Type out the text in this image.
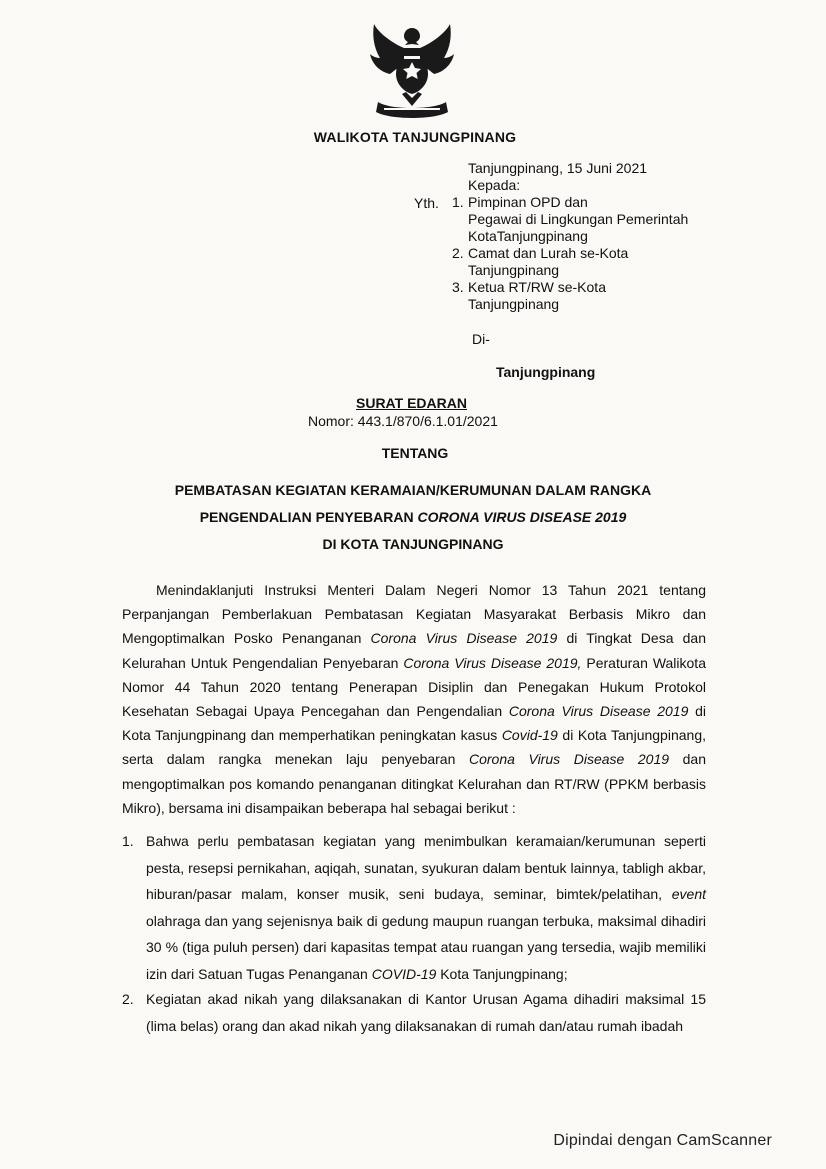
WALIKOTA TANJUNGPINANG
Tanjungpinang, 15 Juni 2021
Kepada:
1. Pimpinan OPD dan
Pegawai di Lingkungan Pemerintah
KotaTanjungpinang
2. Camat dan Lurah se-Kota
Tanjungpinang
3. Ketua RT/RW se-Kota
Tanjungpinang
Yth.
Di-
Tanjungpinang
SURAT EDARAN
Nomor: 443.1/870/6.1.01/2021
TENTANG
PEMBATASAN KEGIATAN KERAMAIAN/KERUMUNAN DALAM RANGKA
PENGENDALIAN PENYEBARAN CORONA VIRUS DISEASE 2019
DI KOTA TANJUNGPINANG

Menindaklanjuti Instruksi Menteri Dalam Negeri Nomor 13 Tahun 2021 tentang Perpanjangan Pemberlakuan Pembatasan Kegiatan Masyarakat Berbasis Mikro dan Mengoptimalkan Posko Penanganan Corona Virus Disease 2019 di Tingkat Desa dan Kelurahan Untuk Pengendalian Penyebaran Corona Virus Disease 2019, Peraturan Walikota Nomor 44 Tahun 2020 tentang Penerapan Disiplin dan Penegakan Hukum Protokol Kesehatan Sebagai Upaya Pencegahan dan Pengendalian Corona Virus Disease 2019 di Kota Tanjungpinang dan memperhatikan peningkatan kasus Covid-19 di Kota Tanjungpinang, serta dalam rangka menekan laju penyebaran Corona Virus Disease 2019 dan mengoptimalkan pos komando penanganan ditingkat Kelurahan dan RT/RW (PPKM berbasis Mikro), bersama ini disampaikan beberapa hal sebagai berikut :

1. Bahwa perlu pembatasan kegiatan yang menimbulkan keramaian/kerumunan seperti pesta, resepsi pernikahan, aqiqah, sunatan, syukuran dalam bentuk lainnya, tabligh akbar, hiburan/pasar malam, konser musik, seni budaya, seminar, bimtek/pelatihan, event olahraga dan yang sejenisnya baik di gedung maupun ruangan terbuka, maksimal dihadiri 30 % (tiga puluh persen) dari kapasitas tempat atau ruangan yang tersedia, wajib memiliki izin dari Satuan Tugas Penanganan COVID-19 Kota Tanjungpinang;
2. Kegiatan akad nikah yang dilaksanakan di Kantor Urusan Agama dihadiri maksimal 15 (lima belas) orang dan akad nikah yang dilaksanakan di rumah dan/atau rumah ibadah
Dipindai dengan CamScanner
